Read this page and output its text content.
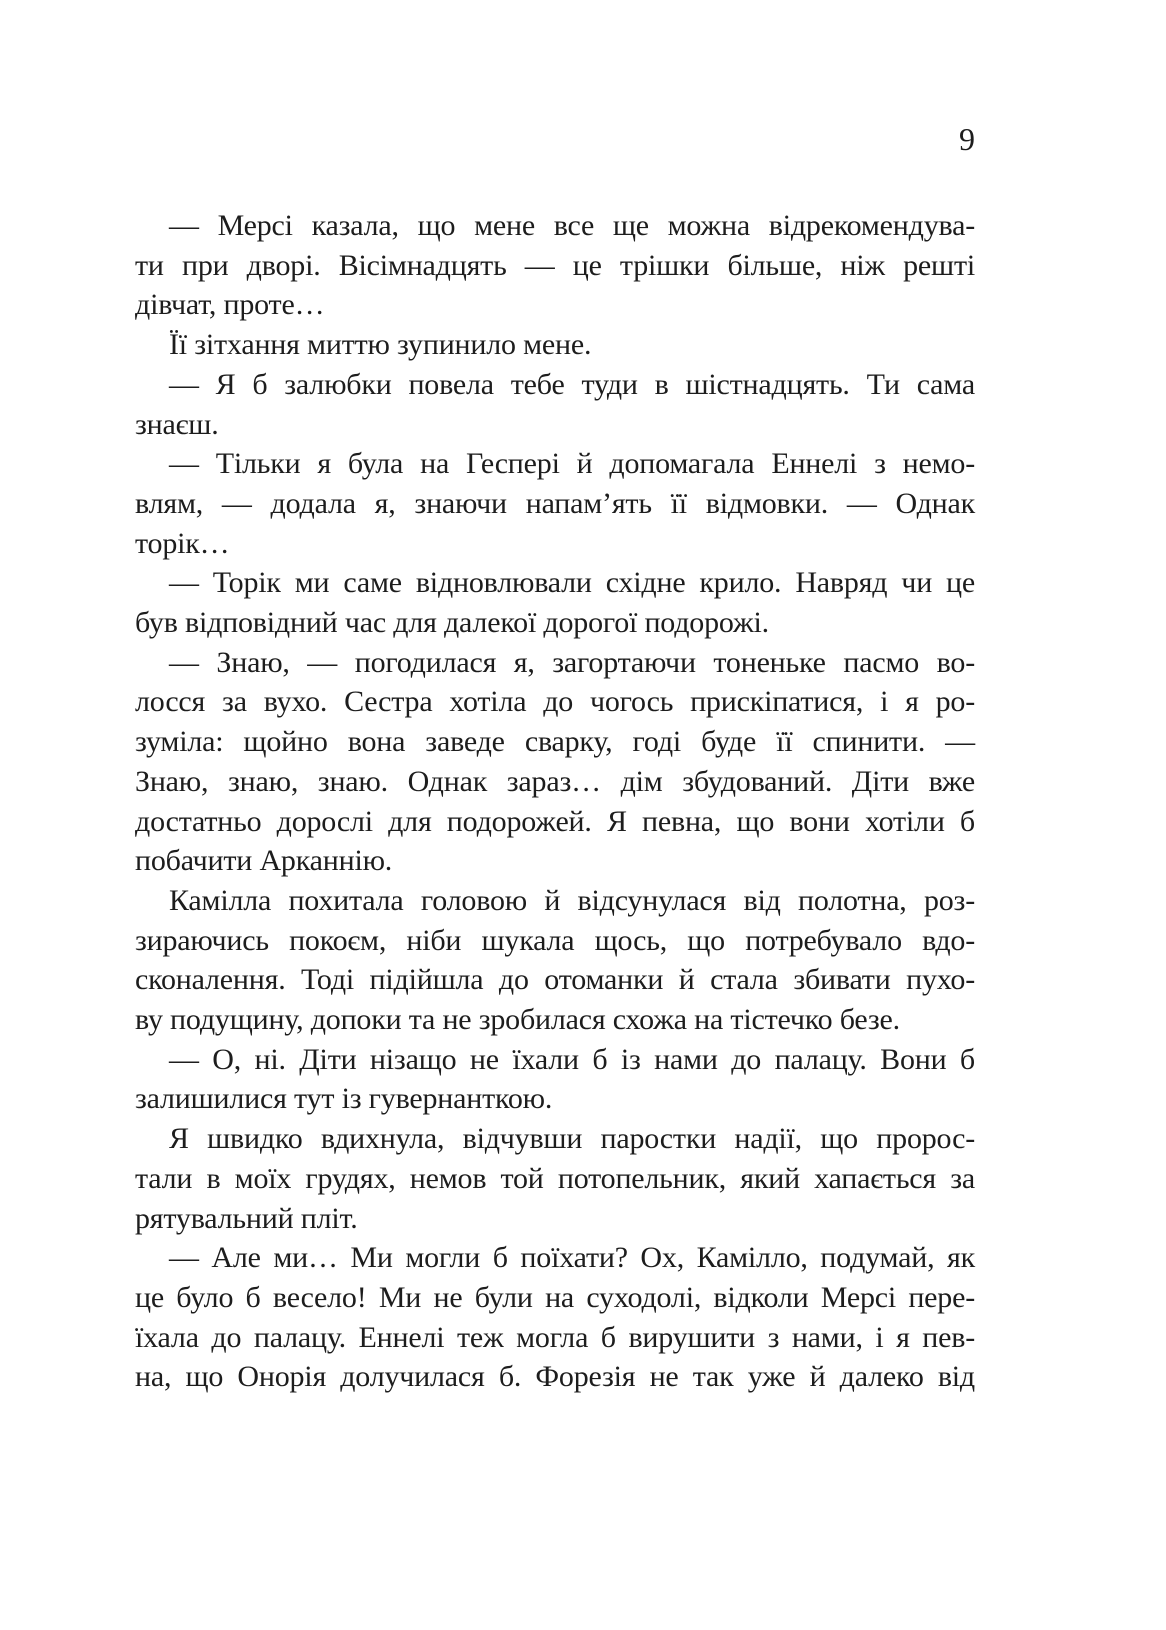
9
— Мерсі казала, що мене все ще можна відрекомендува-
ти при дворі. Вісімнадцять — це трішки більше, ніж решті
дівчат, проте…
Її зітхання миттю зупинило мене.
— Я б залюбки повела тебе туди в шістнадцять. Ти сама
знаєш.
— Тільки я була на Геспері й допомагала Еннелі з немо-
влям, — додала я, знаючи напам’ять її відмовки. — Однак
торік…
— Торік ми саме відновлювали східне крило. Навряд чи це
був відповідний час для далекої дорогої подорожі.
— Знаю, — погодилася я, загортаючи тоненьке пасмо во-
лосся за вухо. Сестра хотіла до чогось прискіпатися, і я ро-
зуміла: щойно вона заведе сварку, годі буде її спинити. —
Знаю, знаю, знаю. Однак зараз… дім збудований. Діти вже
достатньо дорослі для подорожей. Я певна, що вони хотіли б
побачити Арканнію.
Камілла похитала головою й відсунулася від полотна, роз-
зираючись покоєм, ніби шукала щось, що потребувало вдо-
сконалення. Тоді підійшла до отоманки й стала збивати пухо-
ву подущину, допоки та не зробилася схожа на тістечко безе.
— О, ні. Діти нізащо не їхали б із нами до палацу. Вони б
залишилися тут із гувернанткою.
Я швидко вдихнула, відчувши паростки надії, що пророс-
тали в моїх грудях, немов той потопельник, який хапається за
рятувальний пліт.
— Але ми… Ми могли б поїхати? Ох, Камілло, подумай, як
це було б весело! Ми не були на суходолі, відколи Мерсі пере-
їхала до палацу. Еннелі теж могла б вирушити з нами, і я пев-
на, що Онорія долучилася б. Форезія не так уже й далеко від
